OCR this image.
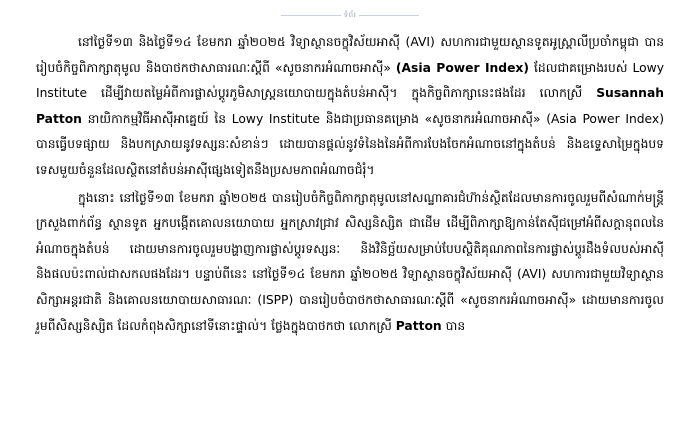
ទំព័រ

នៅថ្ងៃទី១៣ និងថ្ងៃទី១៤ ខែមករា ឆ្នាំ២០២៥ វិទ្យាស្ថានចក្ខុវិស័យអាស៊ី (AVI) សហការជាមួយស្ថានទូតអូស្ត្រាលីប្រចាំកម្ពុជា បានរៀបចំកិច្ចពិភាក្សាតុមូល និងបាថកថាសាធារណៈស្តីពី «សូចនាករអំណាចអាស៊ី» (Asia Power Index) ដែលជាគម្រោងរបស់ Lowy Institute ដើម្បីវាយតម្លៃអំពីការផ្លាស់ប្តូរភូមិសាស្ត្រនយោបាយក្នុងតំបន់អាស៊ី។ ក្នុងកិច្ចពិភាក្សានេះផងដែរ លោកស្រី Susannah Patton នាយិកាកម្មវិធីអាស៊ីអាគ្នេយ៍ នៃ Lowy Institute និងជាប្រធានគម្រោង «សូចនាករអំណាចអាស៊ី» (Asia Power Index) បានធ្វើបទផ្សាយ និងបកស្រាយនូវទស្សនៈសំខាន់ៗ ដោយបានផ្តល់នូវទំនៃងនៃអំពីការបែងចែកអំណាចនៅក្នុងតំបន់ និងឧទ្ទេសាម្រៃក្នុងបទទេសមួយចំនួនដែលស្ថិតនៅតំបន់អាស៊ីផ្សេងទៀតនឹងប្រសមភាពអំណាចជំរុំ។

ក្នុងនោះ នៅថ្ងៃទី១៣ ខែមករា ឆ្នាំ២០២៥ បានរៀបចំកិច្ចពិភាក្សាតុមូលនៅសណ្ឋាគារជំហ៊ាន់ស្ថិតដែលមានការចូលរួមពីសំណាក់មន្ត្រីក្រសួងពាក់ព័ន្ធ ស្ថានទូត អ្នកបង្កើតគោលនយោបាយ អ្នកស្រាវជ្រាវ សិស្សនិស្សិត ជាដើម ដើម្បីពិភាក្សាឱ្យកាន់តែស៊ីជម្រៅអំពីសក្ដានុពលនៃអំណាចក្នុងតំបន់ ដោយមានការចូលរួមបង្ហាញការផ្លាស់ប្តូរទស្សនៈ និងវិនិច្ឆ័យសម្រាប់បែបស្ថិតិគុណភាពនៃការផ្លាស់ប្តូរដឹងទំលបស់អាស៊ី និងផលប៉ះពាល់ជាសកលផងដែរ។ បន្ទាប់ពីនេះ នៅថ្ងៃទី១៤ ខែមករា ឆ្នាំ២០២៥ វិទ្យាស្ថានចក្ខុវិស័យអាស៊ី (AVI) សហការជាមួយវិទ្យាស្ថានសិក្សាអន្តរជាតិ និងគោលនយោបាយសាធារណៈ (ISPP) បានរៀបចំបាថកថាសាធារណៈស្តីពី «សូចនាករអំណាចអាស៊ី» ដោយមានការចូលរួមពីសិស្សនិស្សិត ដែលកំពុងសិក្សានៅទីនោះផ្ទាល់។ ថ្លែងក្នុងបាថកថា លោកស្រី Patton បាន
